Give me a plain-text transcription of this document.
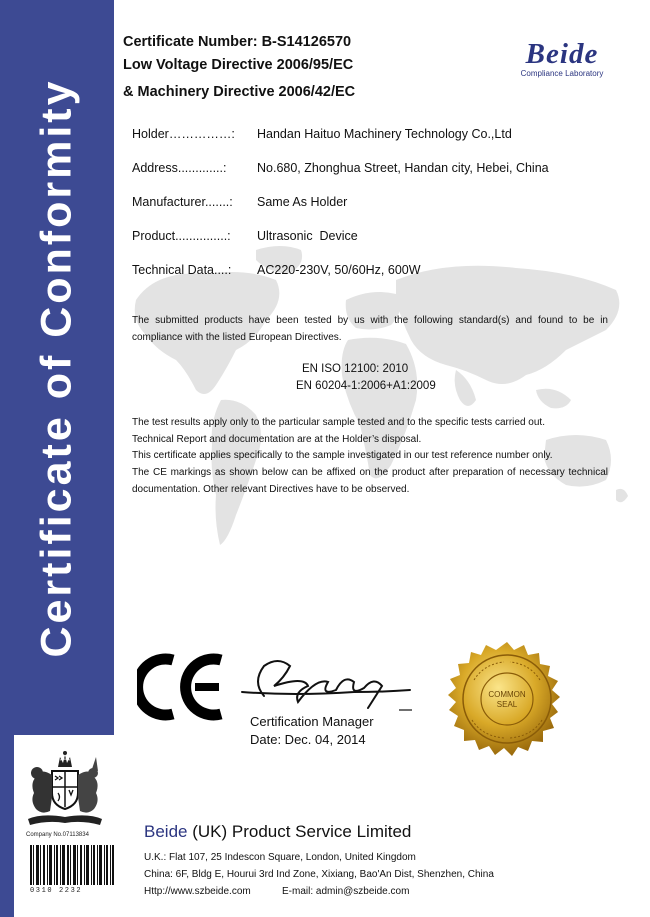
Certificate of Conformity
Company No.07113834
0310 2232
Certificate Number: B-S14126570
Low Voltage Directive 2006/95/EC
& Machinery Directive 2006/42/EC
Beide
Compliance Laboratory
Holder……………: Handan Haituo Machinery Technology Co.,Ltd
Address.............: No.680, Zhonghua Street, Handan city, Hebei, China
Manufacturer.......: Same As Holder
Product...............: Ultrasonic  Device
Technical Data....: AC220-230V, 50/60Hz, 600W
The submitted products have been tested by us with the following standard(s) and found to be in compliance with the listed European Directives.
EN ISO 12100: 2010
EN 60204-1:2006+A1:2009
The test results apply only to the particular sample tested and to the specific tests carried out.
Technical Report and documentation are at the Holder’s disposal.
This certificate applies specifically to the sample investigated in our test reference number only.
The CE markings as shown below can be affixed on the product after preparation of necessary technical documentation. Other relevant Directives have to be observed.
Certification Manager
Date: Dec. 04, 2014
COMMON
SEAL
Beide (UK) Product Service Limited
U.K.: Flat 107, 25 Indescon Square, London, United Kingdom
China: 6F, Bldg E, Hourui 3rd Ind Zone, Xixiang, Bao'An Dist, Shenzhen, China
Http://www.szbeide.com	E-mail: admin@szbeide.com
